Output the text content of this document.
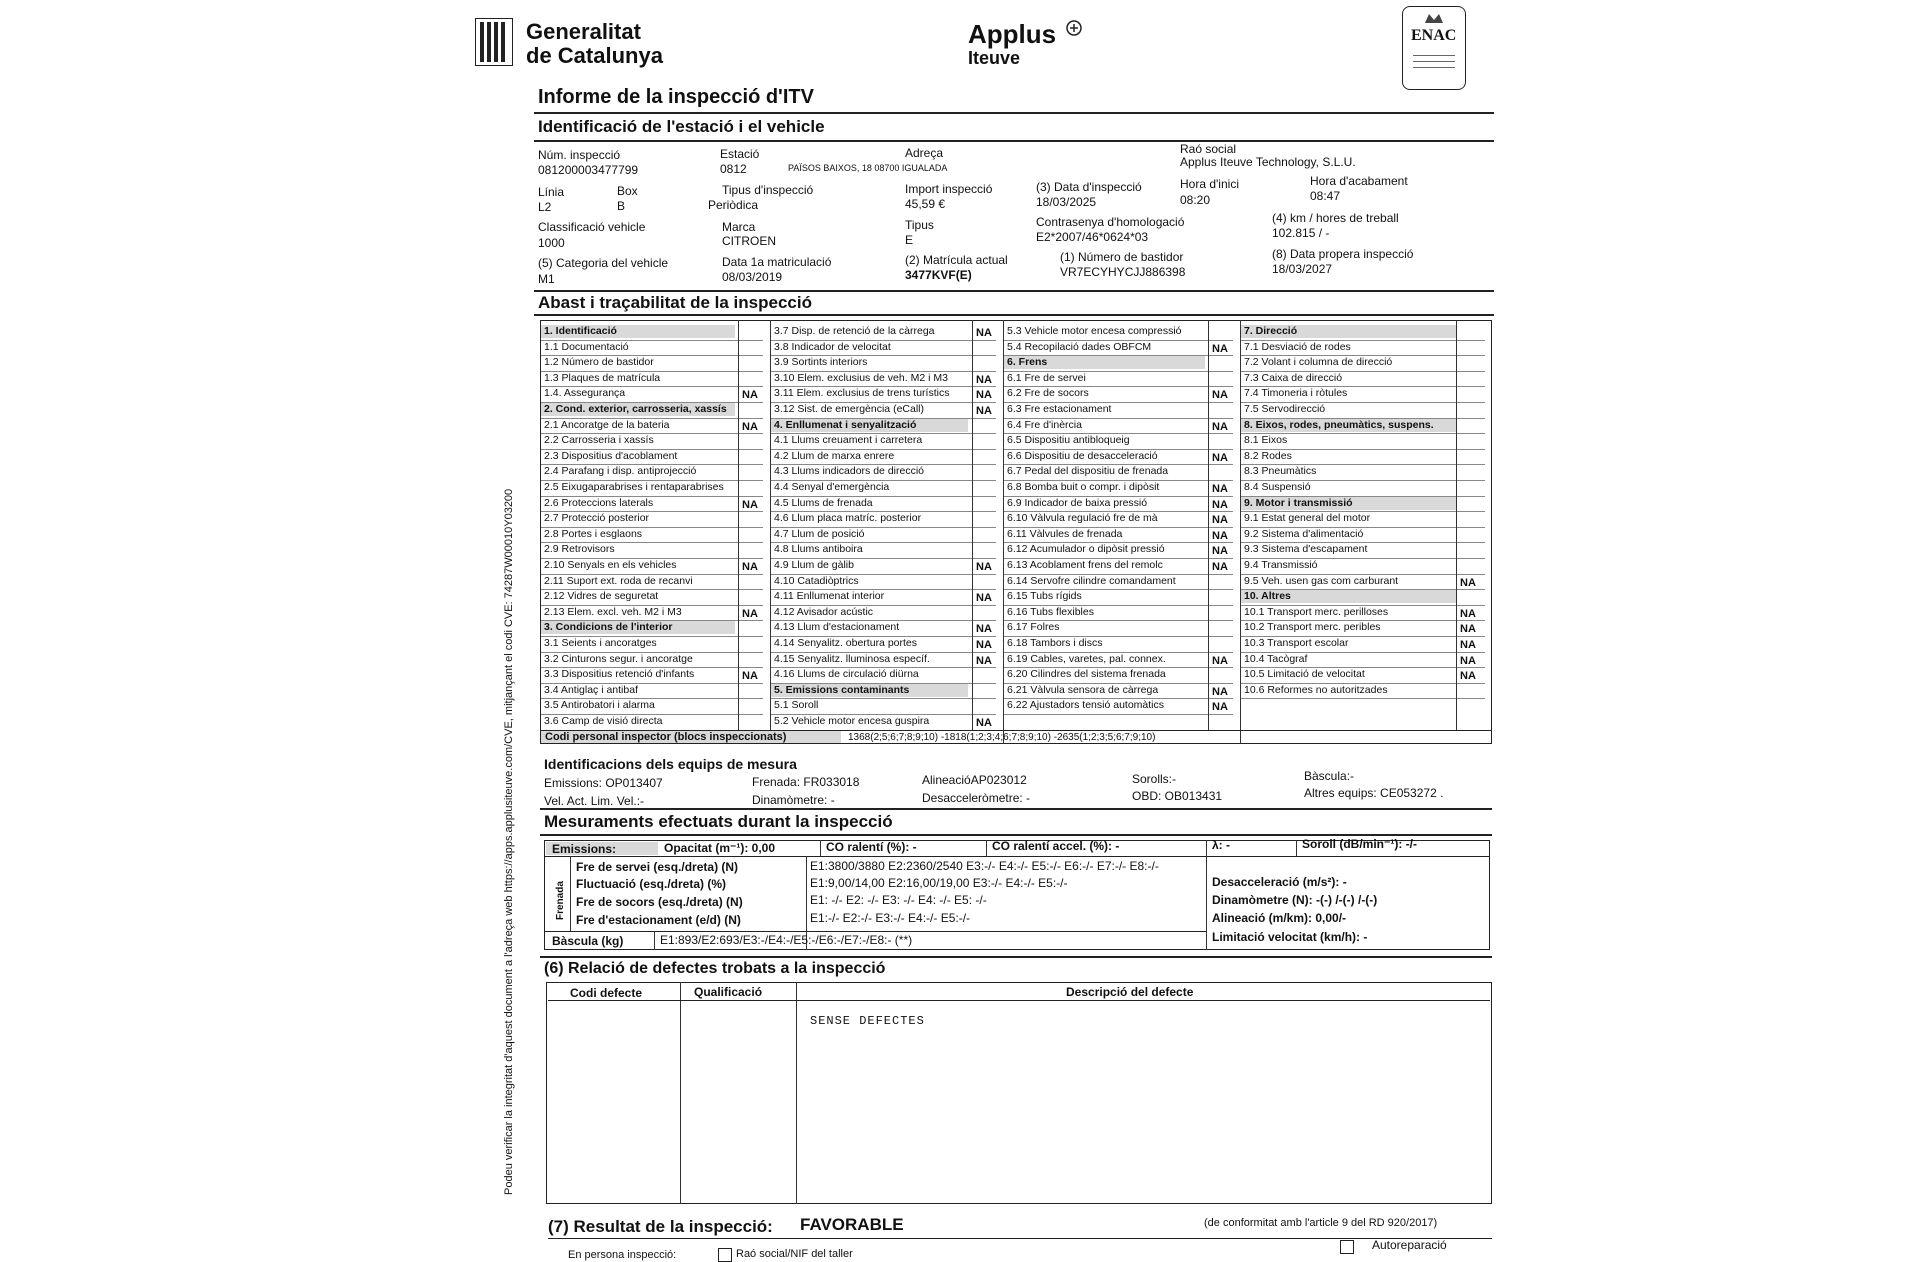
Generalitat
de Catalunya
Applus
Iteuve
ENAC
Podeu verificar la integritat d'aquest document a l'adreça web https://apps.applusiteuve.com/CVE, mitjançant el codi CVE: 74287W00010Y03200
Informe de la inspecció d'ITV
Identificació de l'estació i el vehicle
Núm. inspecció
081200003477799
Estació
0812
Adreça
PAÏSOS BAIXOS, 18 08700 IGUALADA
Raó social
Applus Iteuve Technology, S.L.U.
Línia
L2
Box
B
Tipus d'inspecció
Periòdica
Import inspecció
45,59 €
(3) Data d'inspecció
18/03/2025
Hora d'inici
08:20
Hora d'acabament
08:47
Classificació vehicle
1000
Marca
CITROEN
Tipus
E
Contrasenya d'homologació
E2*2007/46*0624*03
(4) km / hores de treball
102.815 / -
(5) Categoria del vehicle
M1
Data 1a matriculació
08/03/2019
(2) Matrícula actual
3477KVF(E)
(1) Número de bastidor
VR7ECYHYCJJ886398
(8) Data propera inspecció
18/03/2027
Abast i traçabilitat de la inspecció
1. Identificació
1.1 Documentació
1.2 Número de bastidor
1.3 Plaques de matrícula
1.4. Assegurança	NA
2. Cond. exterior, carrosseria, xassís
2.1 Ancoratge de la bateria	NA
2.2 Carrosseria i xassís
2.3 Dispositius d'acoblament
2.4 Parafang i disp. antiprojecció
2.5 Eixugaparabrises i rentaparabrises
2.6 Proteccions laterals	NA
2.7 Protecció posterior
2.8 Portes i esglaons
2.9 Retrovisors
2.10 Senyals en els vehicles	NA
2.11 Suport ext. roda de recanvi
2.12 Vidres de seguretat
2.13 Elem. excl. veh. M2 i M3	NA
3. Condicions de l'interior
3.1 Seients i ancoratges
3.2 Cinturons segur. i ancoratge
3.3 Dispositius retenció d'infants	NA
3.4 Antiglaç i antibaf
3.5 Antirobatori i alarma
3.6 Camp de visió directa
3.7 Disp. de retenció de la càrrega	NA
3.8 Indicador de velocitat
3.9 Sortints interiors
3.10 Elem. exclusius de veh. M2 i M3	NA
3.11 Elem. exclusius de trens turístics NA
3.12 Sist. de emergència (eCall)	NA
4. Enllumenat i senyalització
4.1 Llums creuament i carretera
4.2 Llum de marxa enrere
4.3 Llums indicadors de direcció
4.4 Senyal d'emergència
4.5 Llums de frenada
4.6 Llum placa matríc. posterior
4.7 Llum de posició
4.8 Llums antiboira
4.9 Llum de gàlib	NA
4.10 Catadiòptrics
4.11 Enllumenat interior	NA
4.12 Avisador acústic
4.13 Llum d'estacionament	NA
4.14 Senyalitz. obertura portes	NA
4.15 Senyalitz. lluminosa específ.	NA
4.16 Llums de circulació diürna
5. Emissions contaminants
5.1 Soroll
5.2 Vehicle motor encesa guspira	NA
5.3 Vehicle motor encesa compressió
5.4 Recopilació dades OBFCM	NA
6. Frens
6.1 Fre de servei
6.2 Fre de socors	NA
6.3 Fre estacionament
6.4 Fre d'inèrcia	NA
6.5 Dispositiu antibloqueig
6.6 Dispositiu de desacceleració	NA
6.7 Pedal del dispositiu de frenada
6.8 Bomba buit o compr. i dipòsit	NA
6.9 Indicador de baixa pressió	NA
6.10 Vàlvula regulació fre de mà	NA
6.11 Vàlvules de frenada	NA
6.12 Acumulador o dipòsit pressió	NA
6.13 Acoblament frens del remolc	NA
6.14 Servofre cilindre comandament
6.15 Tubs rígids
6.16 Tubs flexibles
6.17 Folres
6.18 Tambors i discs
6.19 Cables, varetes, pal. connex.	NA
6.20 Cilindres del sistema frenada
6.21 Vàlvula sensora de càrrega	NA
6.22 Ajustadors tensió automàtics	NA
7. Direcció
7.1 Desviació de rodes
7.2 Volant i columna de direcció
7.3 Caixa de direcció
7.4 Timoneria i ròtules
7.5 Servodirecció
8. Eixos, rodes, pneumàtics, suspens.
8.1 Eixos
8.2 Rodes
8.3 Pneumàtics
8.4 Suspensió
9. Motor i transmissió
9.1 Estat general del motor
9.2 Sistema d'alimentació
9.3 Sistema d'escapament
9.4 Transmissió
9.5 Veh. usen gas com carburant	NA
10. Altres
10.1 Transport merc. perilloses	NA
10.2 Transport merc. peribles	NA
10.3 Transport escolar	NA
10.4 Tacògraf	NA
10.5 Limitació de velocitat	NA
10.6 Reformes no autoritzades
Codi personal inspector (blocs inspeccionats)	1368(2;5;6;7;8;9;10) -1818(1;2;3;4;6;7;8;9;10) -2635(1;2;3;5;6;7;9;10)
Identificacions dels equips de mesura
Emissions: OP013407	Frenada: FR033018	AlineacióAP023012	Sorolls:-	Bàscula:-
Vel. Act. Lim. Vel.:-	Dinamòmetre: -	Desacceleròmetre: -	OBD: OB013431	Altres equips: CE053272 .
Mesuraments efectuats durant la inspecció
Emissions:	Opacitat (m⁻¹): 0,00	CO ralentí (%): -	CO ralentí accel. (%): -	λ: -	Soroll (dB/min⁻¹): -/-
Frenada
Fre de servei (esq./dreta) (N)	E1:3800/3880 E2:2360/2540 E3:-/- E4:-/- E5:-/- E6:-/- E7:-/- E8:-/-
Fluctuació (esq./dreta) (%)	E1:9,00/14,00 E2:16,00/19,00 E3:-/- E4:-/- E5:-/-
Fre de socors (esq./dreta) (N)	E1: -/- E2: -/- E3: -/- E4: -/- E5: -/-
Fre d'estacionament (e/d) (N)	E1:-/- E2:-/- E3:-/- E4:-/- E5:-/-
Bàscula (kg)	E1:893/E2:693/E3:-/E4:-/E5:-/E6:-/E7:-/E8:- (**)
Desacceleració (m/s²): -
Dinamòmetre (N): -(-) /-(-) /-(-)
Alineació (m/km): 0,00/-
Limitació velocitat (km/h): -
(6) Relació de defectes trobats a la inspecció
Codi defecte	Qualificació	Descripció del defecte
SENSE DEFECTES
(7) Resultat de la inspecció: FAVORABLE	(de conformitat amb l'article 9 del RD 920/2017)
En persona inspecció:	Raó social/NIF del taller
Autoreparació
